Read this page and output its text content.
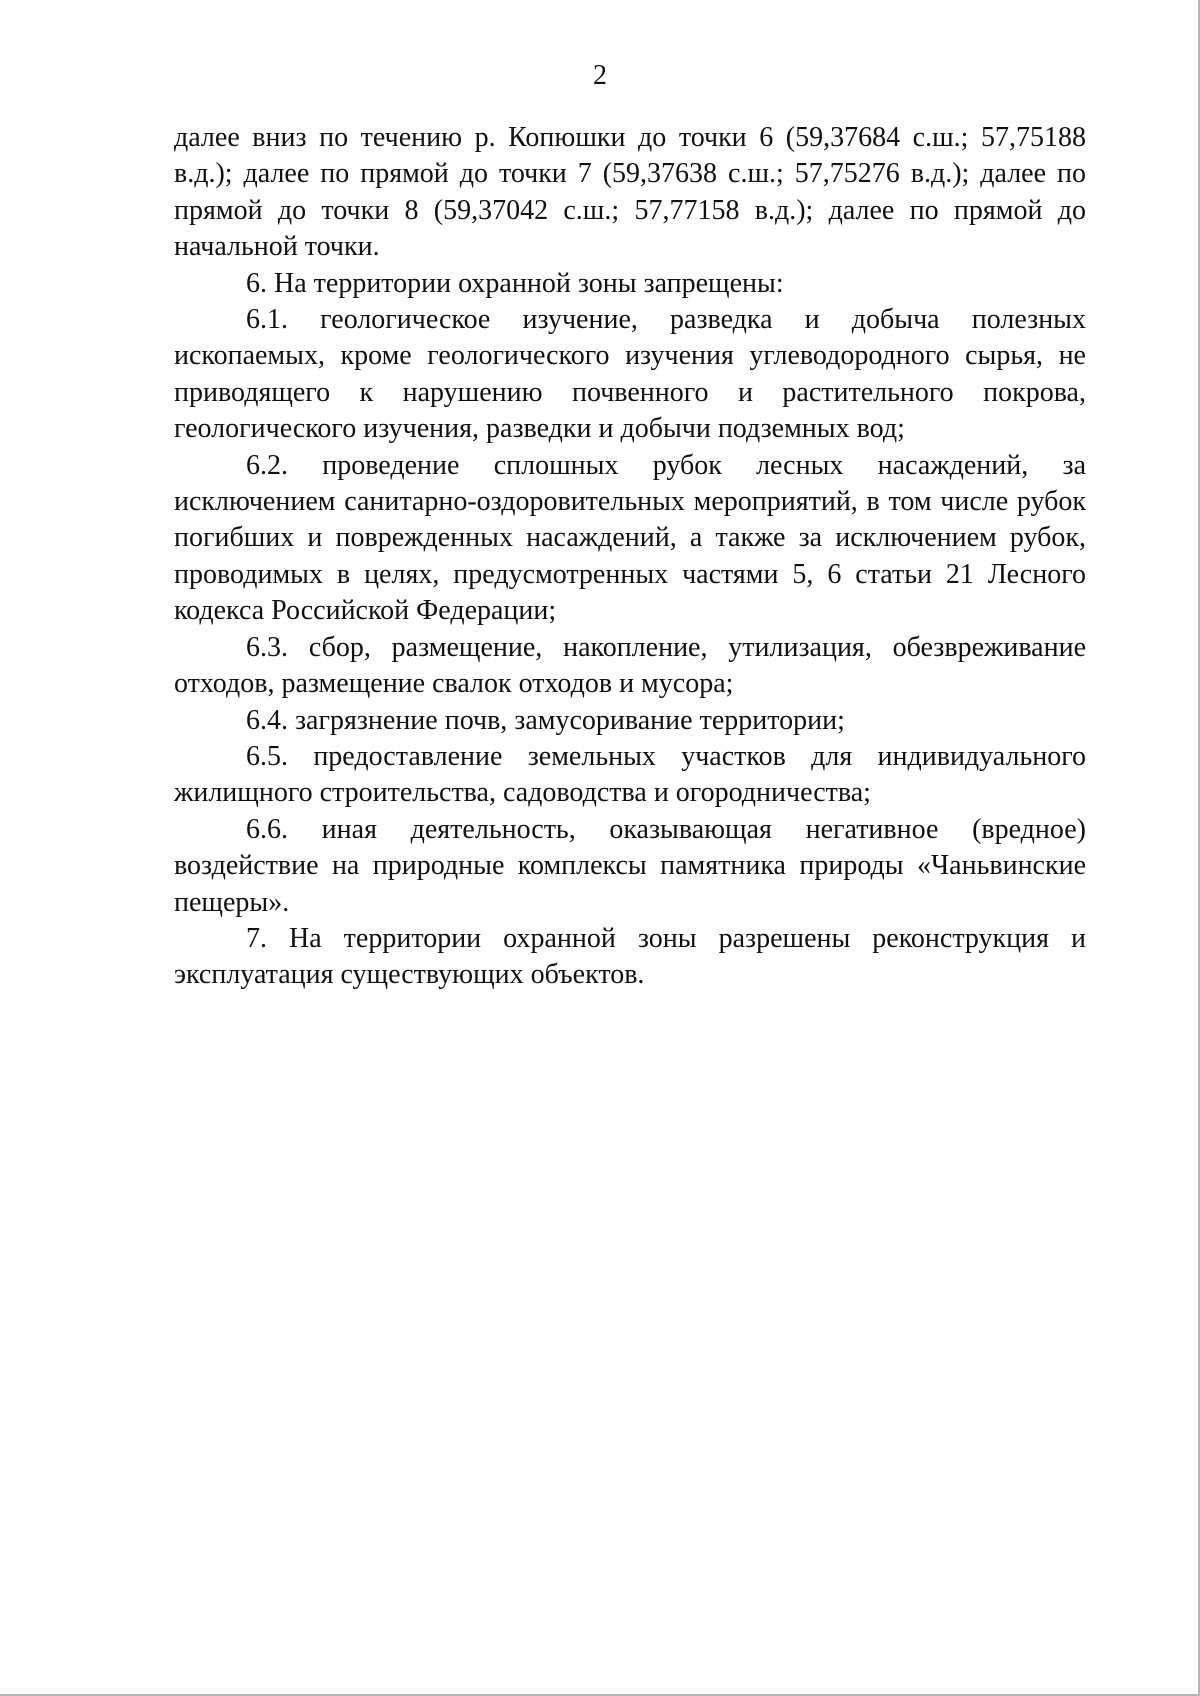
2

далее вниз по течению р. Копюшки до точки 6 (59,37684 с.ш.; 57,75188 в.д.); далее по прямой до точки 7 (59,37638 с.ш.; 57,75276 в.д.); далее по прямой до точки 8 (59,37042 с.ш.; 57,77158 в.д.); далее по прямой до начальной точки.

6. На территории охранной зоны запрещены:

6.1. геологическое изучение, разведка и добыча полезных ископаемых, кроме геологического изучения углеводородного сырья, не приводящего к нарушению почвенного и растительного покрова, геологического изучения, разведки и добычи подземных вод;

6.2. проведение сплошных рубок лесных насаждений, за исключением санитарно-оздоровительных мероприятий, в том числе рубок погибших и поврежденных насаждений, а также за исключением рубок, проводимых в целях, предусмотренных частями 5, 6 статьи 21 Лесного кодекса Российской Федерации;

6.3. сбор, размещение, накопление, утилизация, обезвреживание отходов, размещение свалок отходов и мусора;

6.4. загрязнение почв, замусоривание территории;

6.5. предоставление земельных участков для индивидуального жилищного строительства, садоводства и огородничества;

6.6. иная деятельность, оказывающая негативное (вредное) воздействие на природные комплексы памятника природы «Чаньвинские пещеры».

7. На территории охранной зоны разрешены реконструкция и эксплуатация существующих объектов.
